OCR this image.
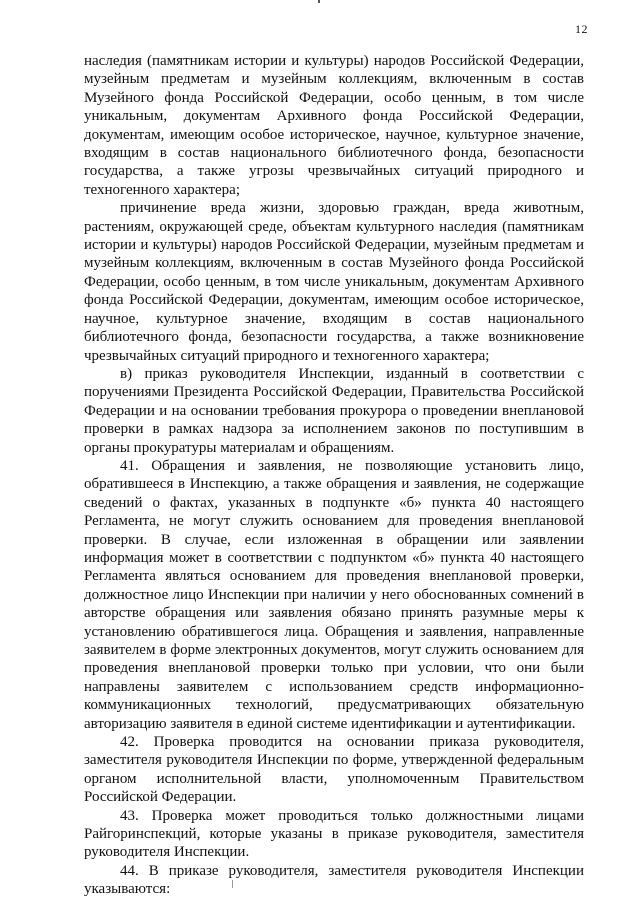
12

наследия (памятникам истории и культуры) народов Российской Федерации, музейным предметам и музейным коллекциям, включенным в состав Музейного фонда Российской Федерации, особо ценным, в том числе уникальным, документам Архивного фонда Российской Федерации, документам, имеющим особое историческое, научное, культурное значение, входящим в состав национального библиотечного фонда, безопасности государства, а также угрозы чрезвычайных ситуаций природного и техногенного характера;

причинение вреда жизни, здоровью граждан, вреда животным, растениям, окружающей среде, объектам культурного наследия (памятникам истории и культуры) народов Российской Федерации, музейным предметам и музейным коллекциям, включенным в состав Музейного фонда Российской Федерации, особо ценным, в том числе уникальным, документам Архивного фонда Российской Федерации, документам, имеющим особое историческое, научное, культурное значение, входящим в состав национального библиотечного фонда, безопасности государства, а также возникновение чрезвычайных ситуаций природного и техногенного характера;

в) приказ руководителя Инспекции, изданный в соответствии с поручениями Президента Российской Федерации, Правительства Российской Федерации и на основании требования прокурора о проведении внеплановой проверки в рамках надзора за исполнением законов по поступившим в органы прокуратуры материалам и обращениям.

41. Обращения и заявления, не позволяющие установить лицо, обратившееся в Инспекцию, а также обращения и заявления, не содержащие сведений о фактах, указанных в подпункте «б» пункта 40 настоящего Регламента, не могут служить основанием для проведения внеплановой проверки. В случае, если изложенная в обращении или заявлении информация может в соответствии с подпунктом «б» пункта 40 настоящего Регламента являться основанием для проведения внеплановой проверки, должностное лицо Инспекции при наличии у него обоснованных сомнений в авторстве обращения или заявления обязано принять разумные меры к установлению обратившегося лица. Обращения и заявления, направленные заявителем в форме электронных документов, могут служить основанием для проведения внеплановой проверки только при условии, что они были направлены заявителем с использованием средств информационно-коммуникационных технологий, предусматривающих обязательную авторизацию заявителя в единой системе идентификации и аутентификации.

42. Проверка проводится на основании приказа руководителя, заместителя руководителя Инспекции по форме, утвержденной федеральным органом исполнительной власти, уполномоченным Правительством Российской Федерации.

43. Проверка может проводиться только должностными лицами Райгоринспекций, которые указаны в приказе руководителя, заместителя руководителя Инспекции.

44. В приказе руководителя, заместителя руководителя Инспекции указываются:
